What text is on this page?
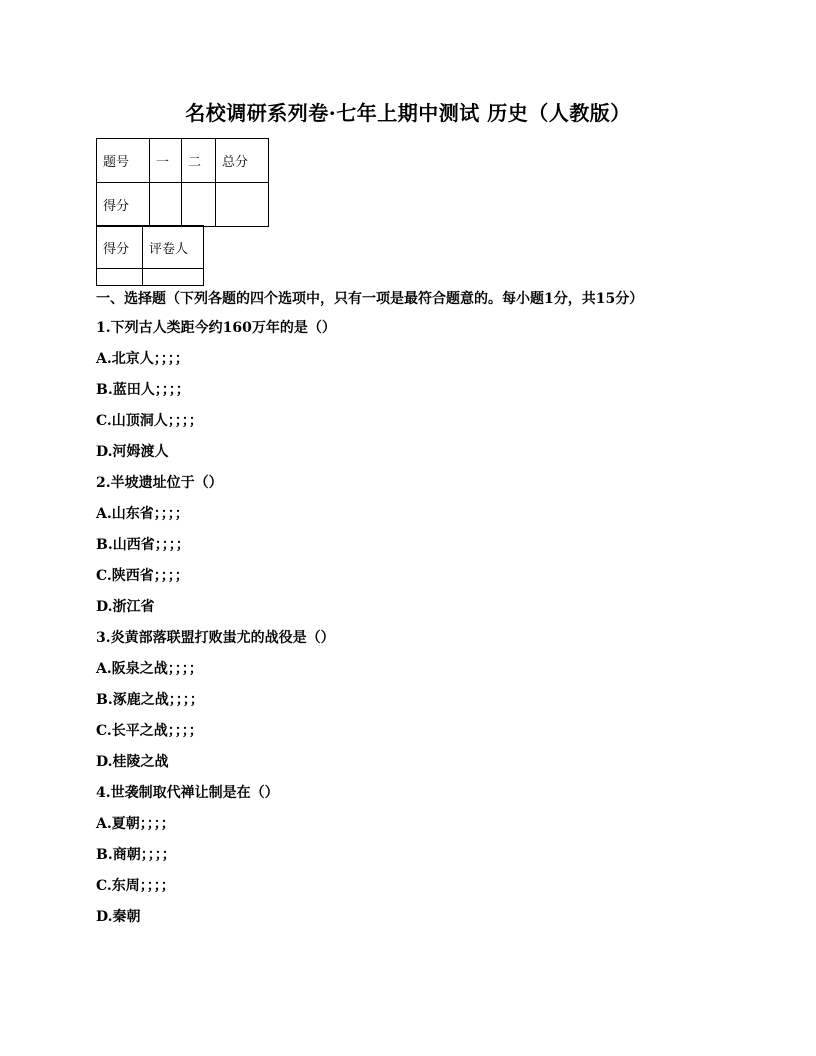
名校调研系列卷·七年上期中测试 历史（人教版）
题号	一	二	总分
得分			
得分	评卷人

一、选择题（下列各题的四个选项中，只有一项是最符合题意的。每小题1分，共15分）
1.下列古人类距今约160万年的是（）
A.北京人；；；；
B.蓝田人；；；；
C.山顶洞人；；；；
D.河姆渡人
2.半坡遗址位于（）
A.山东省；；；；
B.山西省；；；；
C.陕西省；；；；
D.浙江省
3.炎黄部落联盟打败蚩尤的战役是（）
A.阪泉之战；；；；
B.涿鹿之战；；；；
C.长平之战；；；；
D.桂陵之战
4.世袭制取代禅让制是在（）
A.夏朝；；；；
B.商朝；；；；
C.东周；；；；
D.秦朝
